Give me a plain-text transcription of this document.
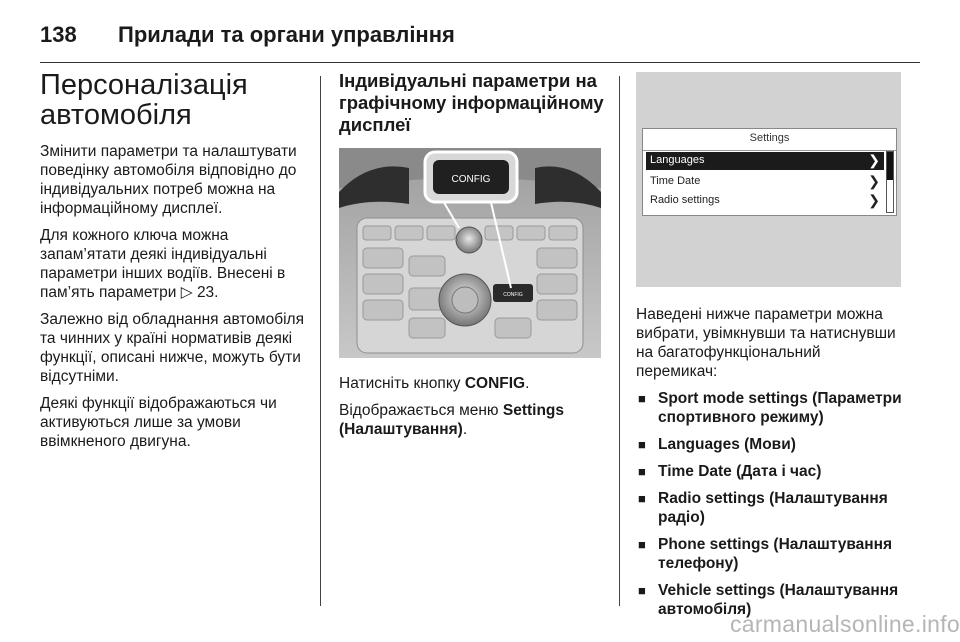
138 Прилади та органи управління
Персоналізація автомобіля

Змінити параметри та налаштувати поведінку автомобіля відповідно до індивідуальних потреб можна на інформаційному дисплеї.

Для кожного ключа можна запам’ятати деякі індивідуальні параметри інших водіїв. Внесені в пам’ять параметри ▷ 23.

Залежно від обладнання автомобіля та чинних у країні нормативів деякі функції, описані нижче, можуть бути відсутніми.

Деякі функції відображаються чи активуються лише за умови ввімкненого двигуна.

Індивідуальні параметри на графічному інформаційному дисплеї
CONFIG
CONFIG

Натисніть кнопку CONFIG.

Відображається меню Settings (Налаштування).

Settings
Languages	❯
Time Date	❯
Radio settings	❯

Наведені нижче параметри можна вибрати, увімкнувши та натиснувши на багатофункціональний перемикач:

■ Sport mode settings (Параметри спортивного режиму)
■ Languages (Мови)
■ Time Date (Дата і час)
■ Radio settings (Налаштування радіо)
■ Phone settings (Налаштування телефону)
■ Vehicle settings (Налаштування автомобіля)
carmanualsonline.info
